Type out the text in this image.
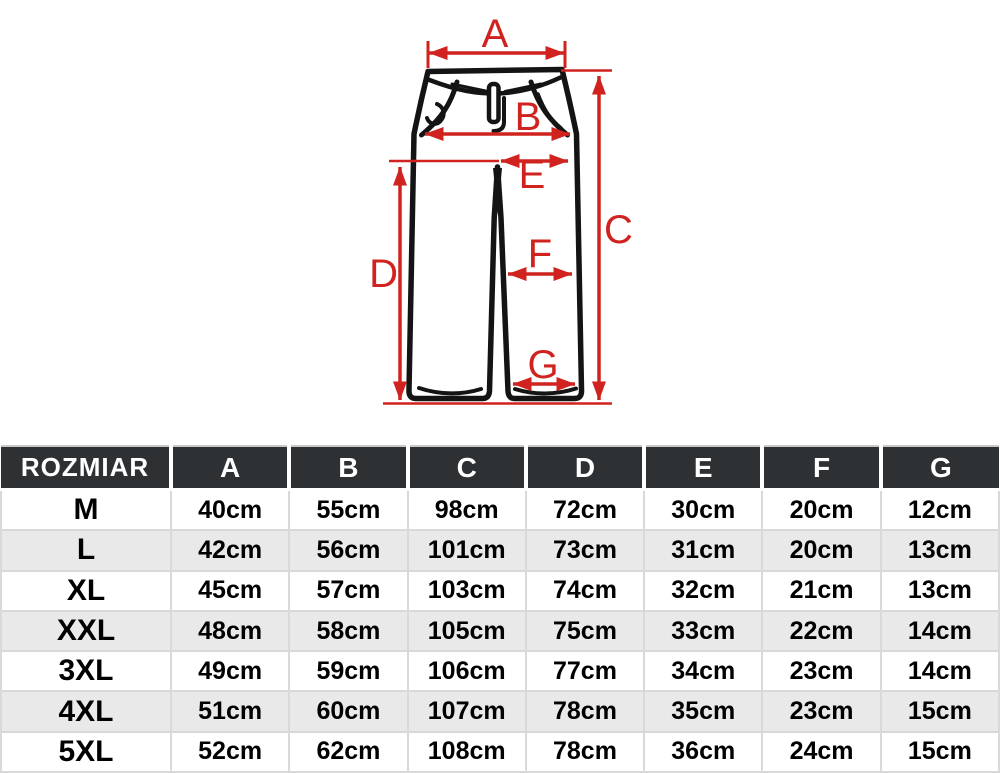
A
B
C
D
E
F
G
ROZMIAR	A	B	C	D	E	F	G
M	40cm	55cm	98cm	72cm	30cm	20cm	12cm
L	42cm	56cm	101cm	73cm	31cm	20cm	13cm
XL	45cm	57cm	103cm	74cm	32cm	21cm	13cm
XXL	48cm	58cm	105cm	75cm	33cm	22cm	14cm
3XL	49cm	59cm	106cm	77cm	34cm	23cm	14cm
4XL	51cm	60cm	107cm	78cm	35cm	23cm	15cm
5XL	52cm	62cm	108cm	78cm	36cm	24cm	15cm
